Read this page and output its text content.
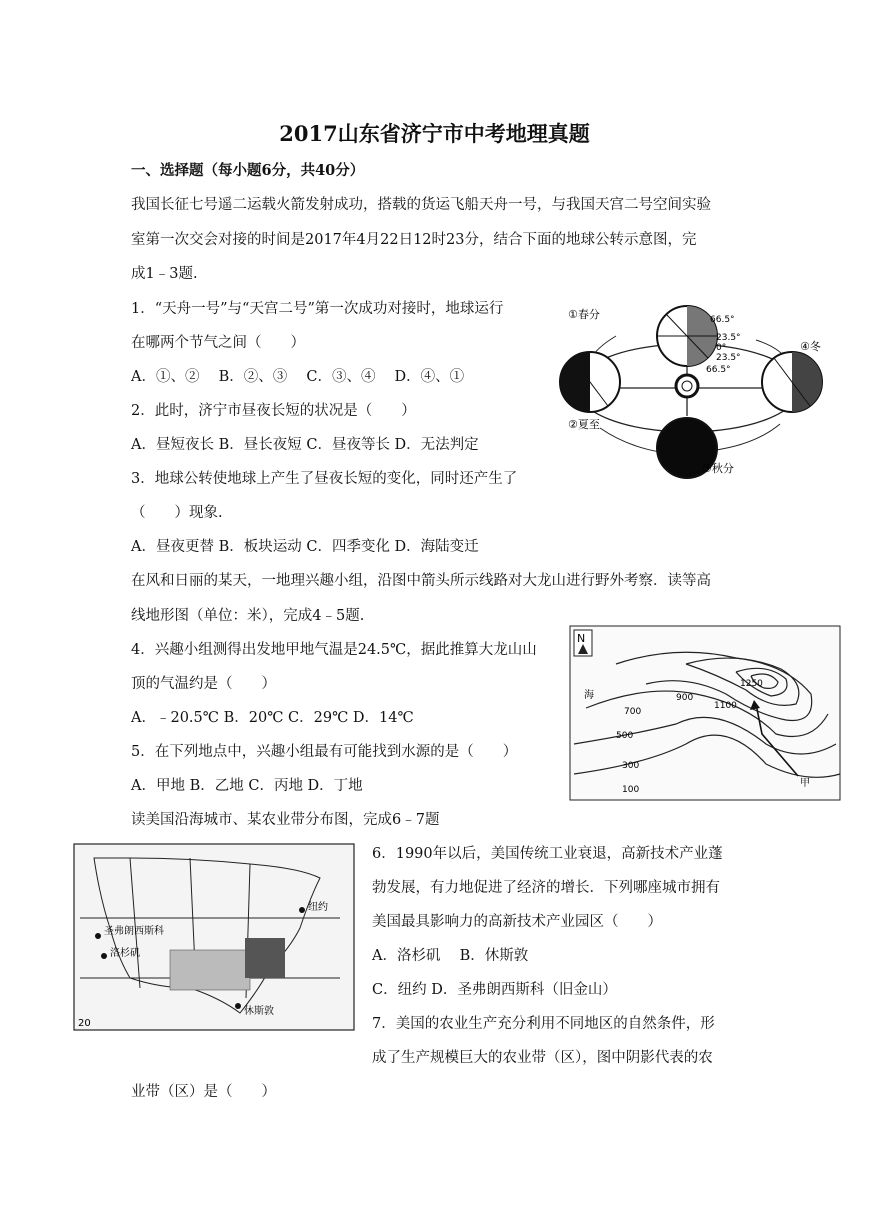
2017山东省济宁市中考地理真题
一、选择题（每小题6分，共40分）
我国长征七号遥二运载火箭发射成功，搭载的货运飞船天舟一号，与我国天宫二号空间实验
室第一次交会对接的时间是2017年4月22日12时23分，结合下面的地球公转示意图，完
成1﹣3题.
1．“天舟一号”与“天宫二号”第一次成功对接时，地球运行
在哪两个节气之间（　　）
A．①、②　 B．②、③　 C．③、④　 D．④、①
2．此时，济宁市昼夜长短的状况是（　　）
A．昼短夜长 B．昼长夜短 C．昼夜等长 D．无法判定
3．地球公转使地球上产生了昼夜长短的变化，同时还产生了
（　　）现象.
A．昼夜更替 B．板块运动 C．四季变化 D．海陆变迁
在风和日丽的某天，一地理兴趣小组，沿图中箭头所示线路对大龙山进行野外考察．读等高
线地形图（单位：米），完成4﹣5题.
4．兴趣小组测得出发地甲地气温是24.5℃，据此推算大龙山山
顶的气温约是（　　）
A．﹣20.5℃ B．20℃ C．29℃ D．14℃
5．在下列地点中，兴趣小组最有可能找到水源的是（　　）
A．甲地 B．乙地 C．丙地 D．丁地
读美国沿海城市、某农业带分布图，完成6﹣7题
6．1990年以后，美国传统工业衰退，高新技术产业蓬
勃发展，有力地促进了经济的增长．下列哪座城市拥有
美国最具影响力的高新技术产业园区（　　）
A．洛杉矶　 B．休斯敦
C．纽约 D．圣弗朗西斯科（旧金山）
7．美国的农业生产充分利用不同地区的自然条件，形
成了生产规模巨大的农业带（区），图中阴影代表的农
业带（区）是（　　）
①春分
②夏至
③秋分
④冬
66.5°
23.5°
0°
23.5°
66.5°
N
海
1250
1100
900
700
500
300
100
甲
圣弗朗西斯科
洛杉矶
纽约
休斯敦
20
